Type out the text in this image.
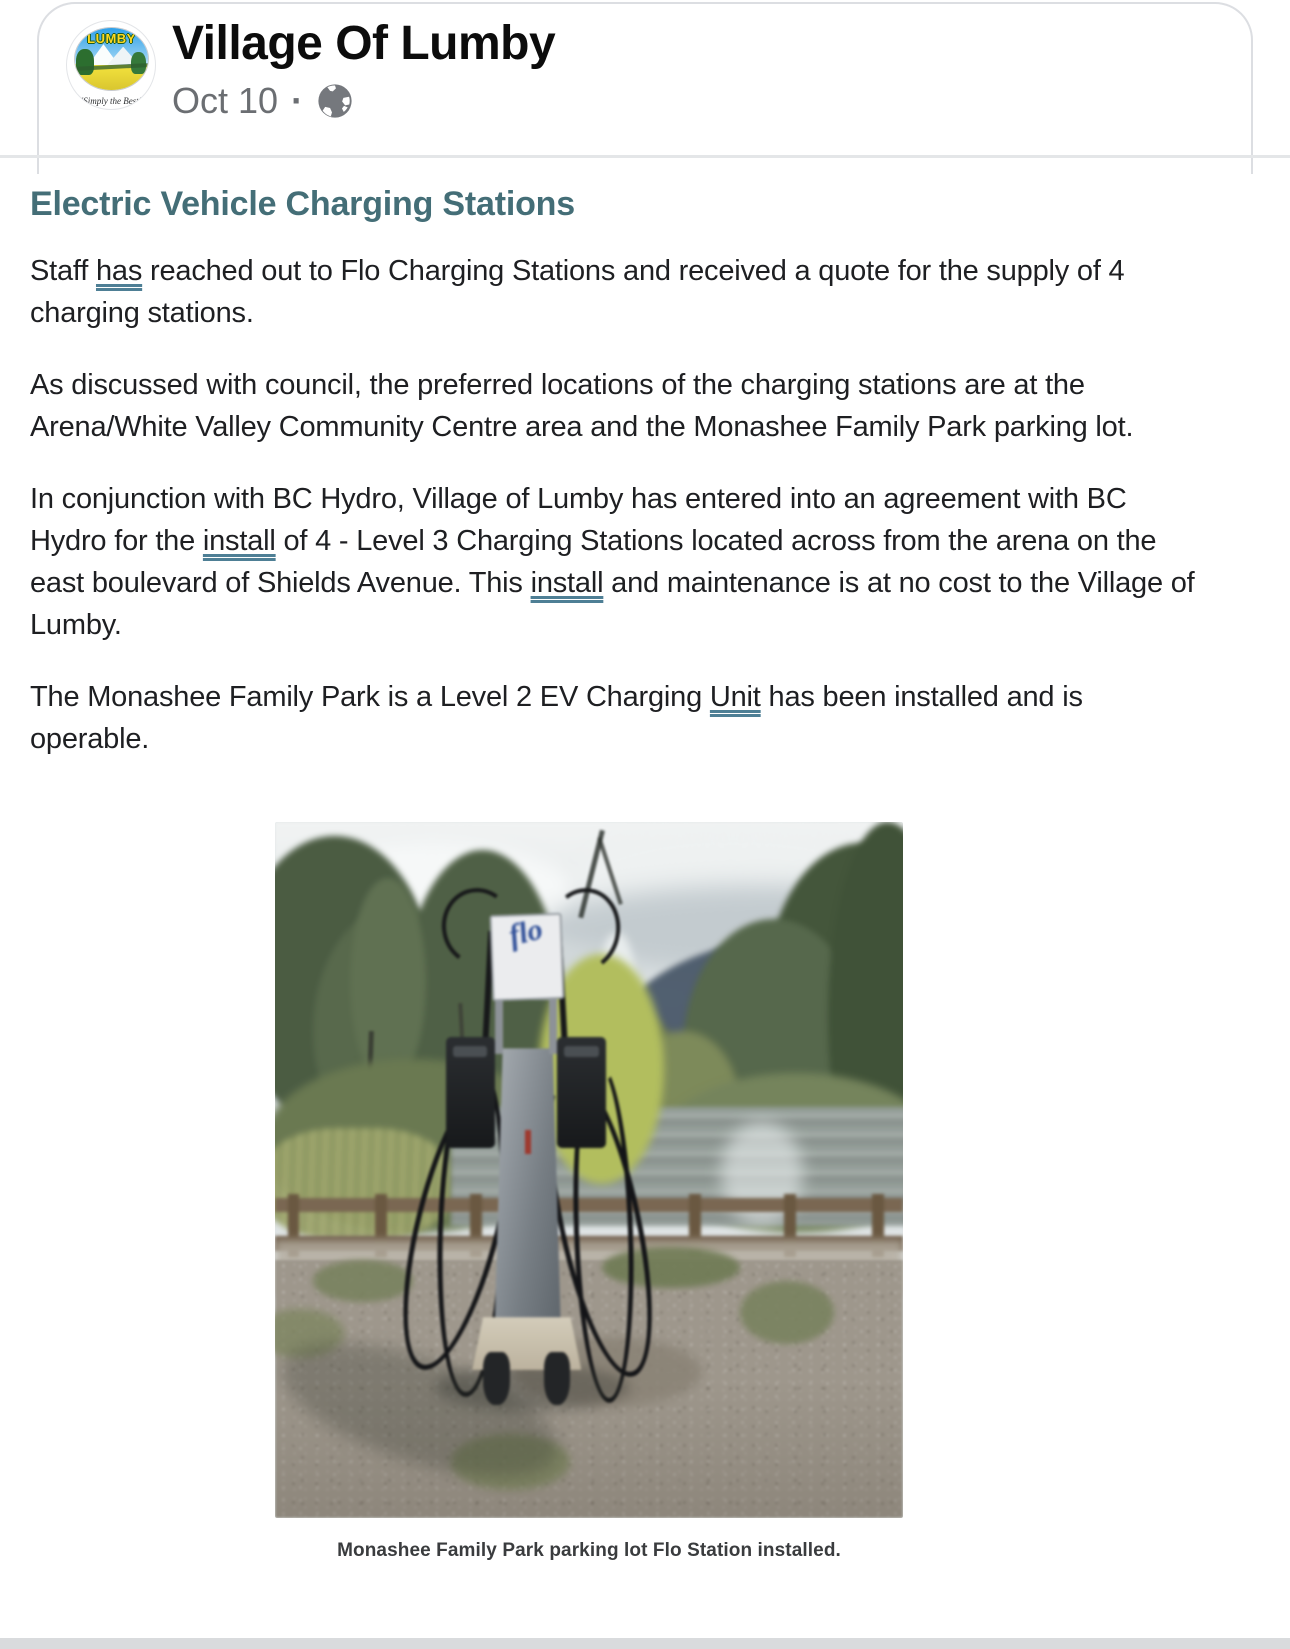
LUMBY
"Simply the Best"
Village Of Lumby
Oct 10 ·
Electric Vehicle Charging Stations

Staff has reached out to Flo Charging Stations and received a quote for the supply of 4 charging stations.

As discussed with council, the preferred locations of the charging stations are at the Arena/White Valley Community Centre area and the Monashee Family Park parking lot.

In conjunction with BC Hydro, Village of Lumby has entered into an agreement with BC Hydro for the install of 4 - Level 3 Charging Stations located across from the arena on the east boulevard of Shields Avenue. This install and maintenance is at no cost to the Village of Lumby.

The Monashee Family Park is a Level 2 EV Charging Unit has been installed and is operable.

flo
Monashee Family Park parking lot Flo Station installed.
